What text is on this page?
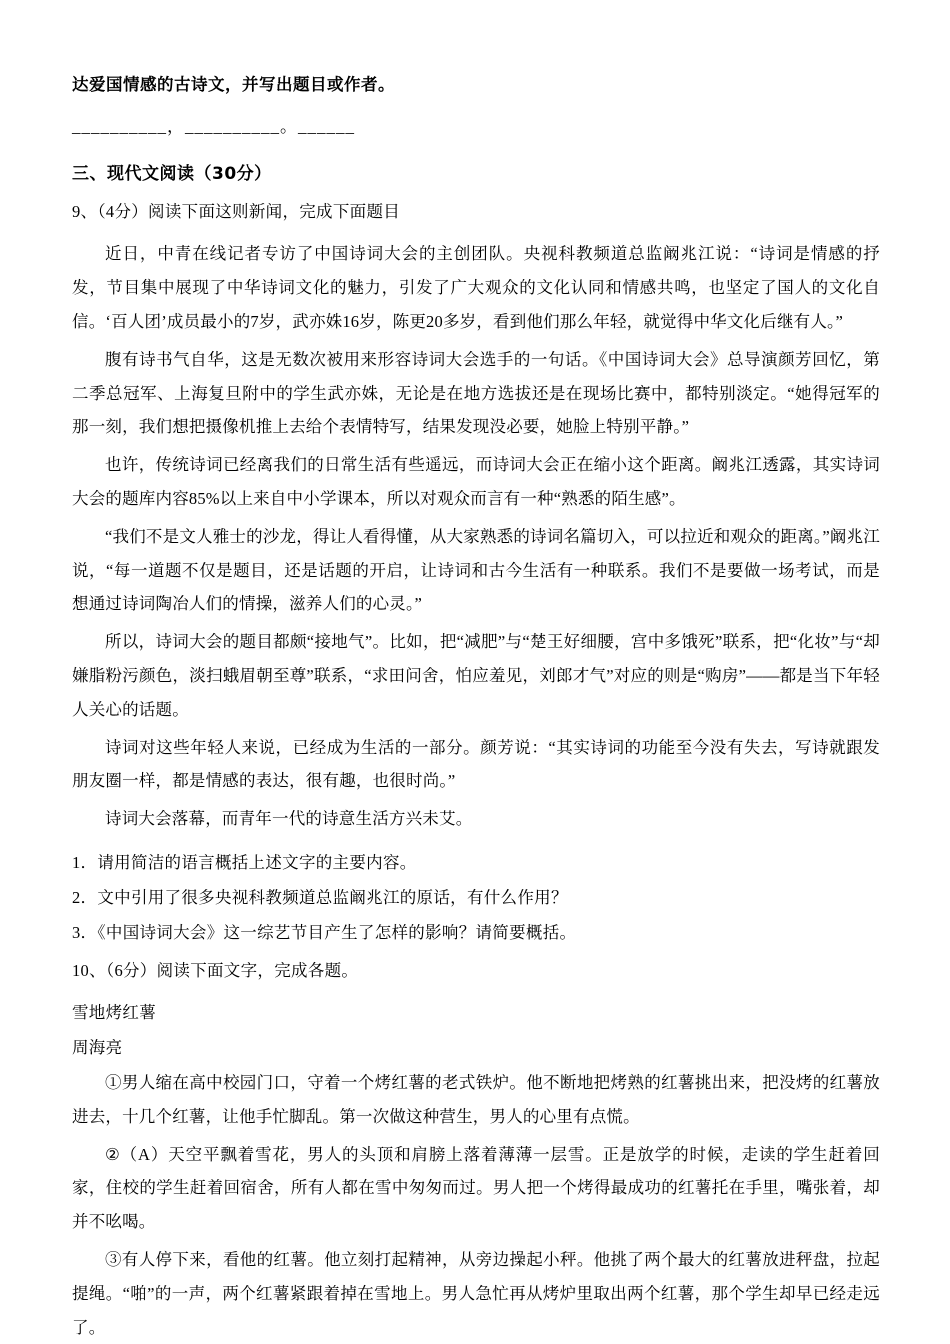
达爱国情感的古诗文，并写出题目或作者。
__________，__________。______
三、现代文阅读（30分）
9、（4分）阅读下面这则新闻，完成下面题目
近日，中青在线记者专访了中国诗词大会的主创团队。央视科教频道总监阚兆江说：“诗词是情感的抒发，节目集中展现了中华诗词文化的魅力，引发了广大观众的文化认同和情感共鸣，也坚定了国人的文化自信。‘百人团’成员最小的7岁，武亦姝16岁，陈更20多岁，看到他们那么年轻，就觉得中华文化后继有人。”
腹有诗书气自华，这是无数次被用来形容诗词大会选手的一句话。《中国诗词大会》总导演颜芳回忆，第二季总冠军、上海复旦附中的学生武亦姝，无论是在地方选拔还是在现场比赛中，都特别淡定。“她得冠军的那一刻，我们想把摄像机推上去给个表情特写，结果发现没必要，她脸上特别平静。”
也许，传统诗词已经离我们的日常生活有些遥远，而诗词大会正在缩小这个距离。阚兆江透露，其实诗词大会的题库内容85%以上来自中小学课本，所以对观众而言有一种“熟悉的陌生感”。
“我们不是文人雅士的沙龙，得让人看得懂，从大家熟悉的诗词名篇切入，可以拉近和观众的距离。”阚兆江说，“每一道题不仅是题目，还是话题的开启，让诗词和古今生活有一种联系。我们不是要做一场考试，而是想通过诗词陶冶人们的情操，滋养人们的心灵。”
所以，诗词大会的题目都颇“接地气”。比如，把“减肥”与“楚王好细腰，宫中多饿死”联系，把“化妆”与“却嫌脂粉污颜色，淡扫蛾眉朝至尊”联系，“求田问舍，怕应羞见，刘郎才气”对应的则是“购房”——都是当下年轻人关心的话题。
诗词对这些年轻人来说，已经成为生活的一部分。颜芳说：“其实诗词的功能至今没有失去，写诗就跟发朋友圈一样，都是情感的表达，很有趣，也很时尚。”
诗词大会落幕，而青年一代的诗意生活方兴未艾。
1．请用简洁的语言概括上述文字的主要内容。
2．文中引用了很多央视科教频道总监阚兆江的原话，有什么作用？
3．《中国诗词大会》这一综艺节目产生了怎样的影响？请简要概括。
10、（6分）阅读下面文字，完成各题。
雪地烤红薯
周海亮
①男人缩在高中校园门口，守着一个烤红薯的老式铁炉。他不断地把烤熟的红薯挑出来，把没烤的红薯放进去，十几个红薯，让他手忙脚乱。第一次做这种营生，男人的心里有点慌。
②（A）天空平飘着雪花，男人的头顶和肩膀上落着薄薄一层雪。正是放学的时候，走读的学生赶着回家，住校的学生赶着回宿舍，所有人都在雪中匆匆而过。男人把一个烤得最成功的红薯托在手里，嘴张着，却并不吆喝。
③有人停下来，看他的红薯。他立刻打起精神，从旁边操起小秤。他挑了两个最大的红薯放进秤盘，拉起提绳。“啪”的一声，两个红薯紧跟着掉在雪地上。男人急忙再从烤炉里取出两个红薯，那个学生却早已经走远了。
